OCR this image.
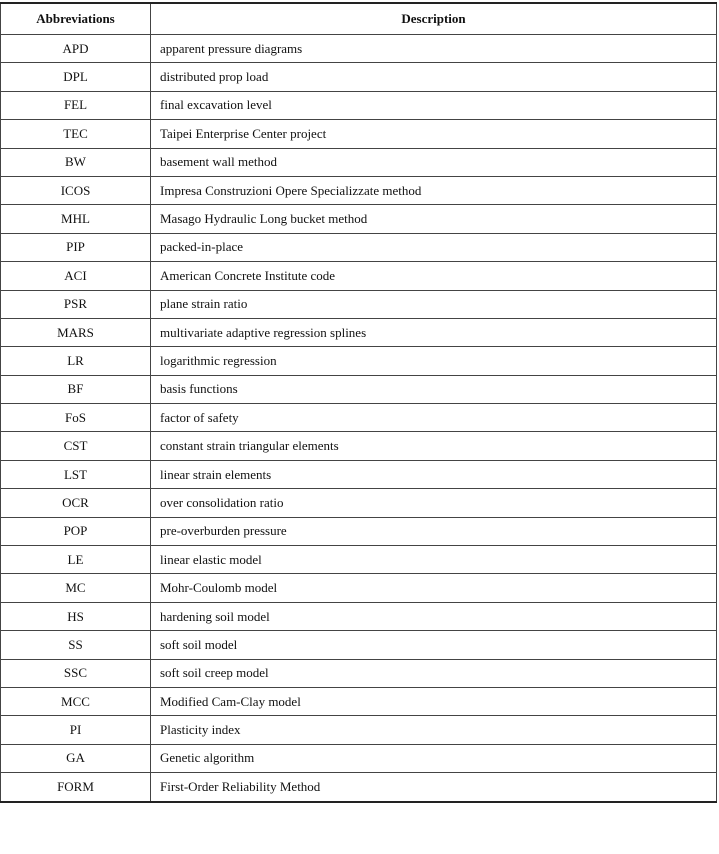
Abbreviations	Description
APD	apparent pressure diagrams
DPL	distributed prop load
FEL	final excavation level
TEC	Taipei Enterprise Center project
BW	basement wall method
ICOS	Impresa Construzioni Opere Specializzate method
MHL	Masago Hydraulic Long bucket method
PIP	packed-in-place
ACI	American Concrete Institute code
PSR	plane strain ratio
MARS	multivariate adaptive regression splines
LR	logarithmic regression
BF	basis functions
FoS	factor of safety
CST	constant strain triangular elements
LST	linear strain elements
OCR	over consolidation ratio
POP	pre-overburden pressure
LE	linear elastic model
MC	Mohr-Coulomb model
HS	hardening soil model
SS	soft soil model
SSC	soft soil creep model
MCC	Modified Cam-Clay model
PI	Plasticity index
GA	Genetic algorithm
FORM	First-Order Reliability Method
